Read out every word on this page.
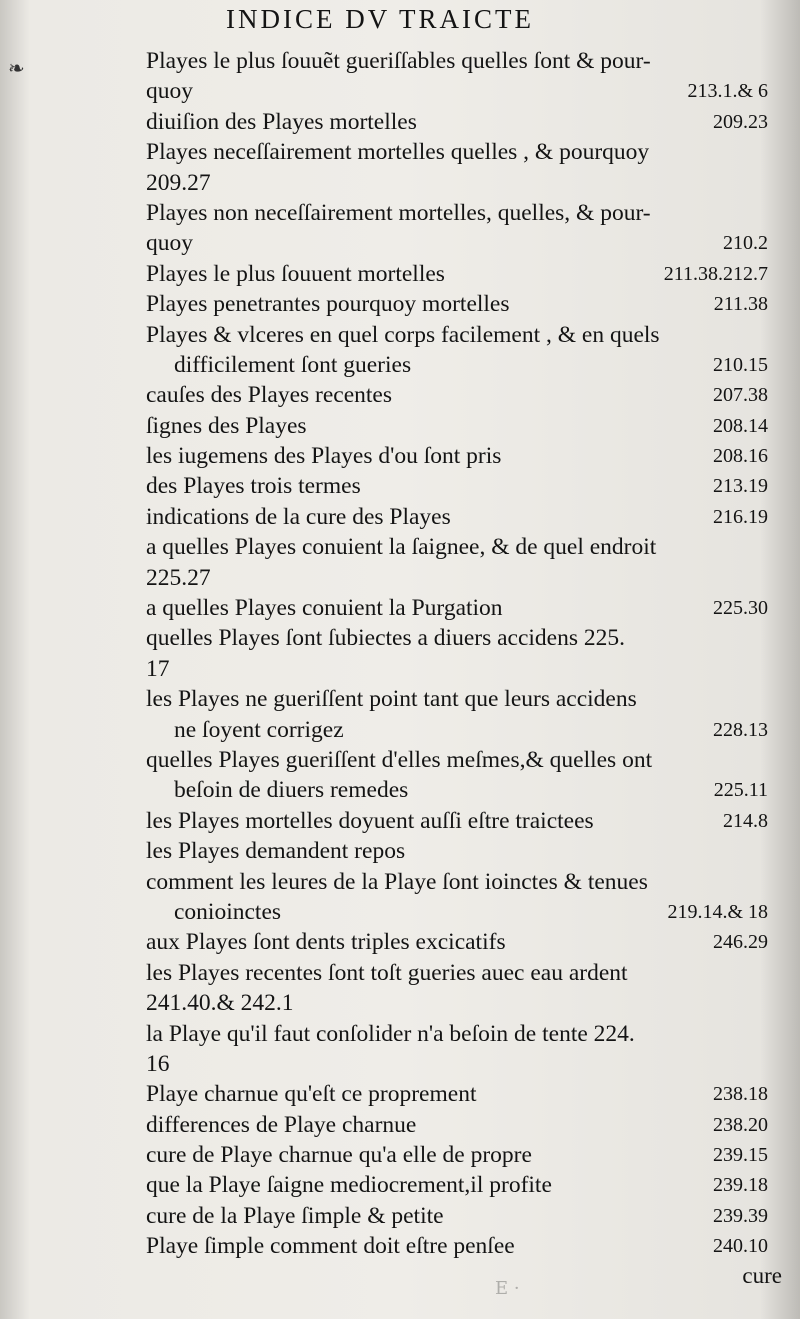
❧
INDICE DV TRAICTE
Playes le plus ſouuẽt gueriſſables quelles ſont & pour-
quoy	213.1.& 6
diuiſion des Playes mortelles	209.23
Playes neceſſairement mortelles quelles , & pourquoy
209.27
Playes non neceſſairement mortelles, quelles, & pour-
quoy	210.2
Playes le plus ſouuent mortelles	211.38.212.7
Playes penetrantes pourquoy mortelles	211.38
Playes & vlceres en quel corps facilement , & en quels
difficilement ſont gueries	210.15
cauſes des Playes recentes	207.38
ſignes des Playes	208.14
les iugemens des Playes d'ou ſont pris	208.16
des Playes trois termes	213.19
indications de la cure des Playes	216.19
a quelles Playes conuient la ſaignee, & de quel endroit
225.27
a quelles Playes conuient la Purgation	225.30
quelles Playes ſont ſubiectes a diuers accidens 225.
17
les Playes ne gueriſſent point tant que leurs accidens
ne ſoyent corrigez	228.13
quelles Playes gueriſſent d'elles meſmes,& quelles ont
beſoin de diuers remedes	225.11
les Playes mortelles doyuent auſſi eſtre traictees	214.8
les Playes demandent repos
comment les leures de la Playe ſont ioinctes & tenues
conioinctes	219.14.& 18
aux Playes ſont dents triples excicatifs	246.29
les Playes recentes ſont toſt gueries auec eau ardent
241.40.& 242.1
la Playe qu'il faut conſolider n'a beſoin de tente 224.
16
Playe charnue qu'eſt ce proprement	238.18
differences de Playe charnue	238.20
cure de Playe charnue qu'a elle de propre	239.15
que la Playe ſaigne mediocrement,il profite	239.18
cure de la Playe ſimple & petite	239.39
Playe ſimple comment doit eſtre penſee	240.10
E ·
cure
